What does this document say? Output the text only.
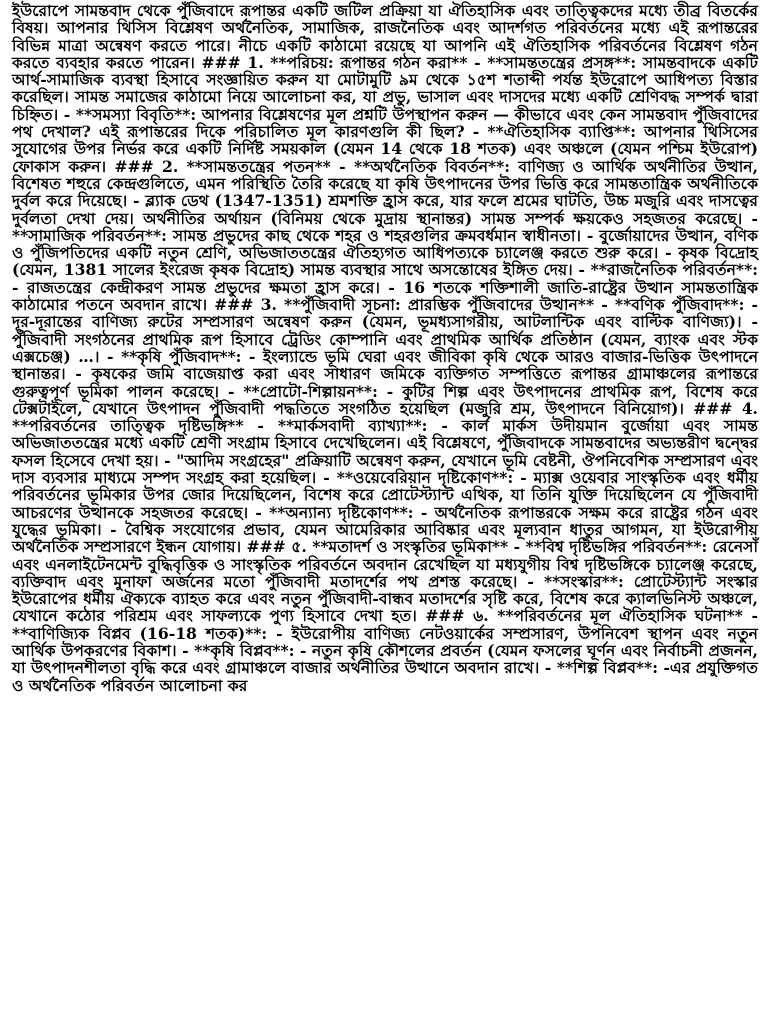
ইউরোপে সামন্তবাদ থেকে পুঁজিবাদে রূপান্তর একটি জটিল প্রক্রিয়া যা ঐতিহাসিক এবং তাত্ত্বিকদের মধ্যে তীব্র বিতর্কের বিষয়। আপনার থিসিস বিশ্লেষণ অর্থনৈতিক, সামাজিক, রাজনৈতিক এবং আদর্শগত পরিবর্তনের মধ্যে এই রূপান্তরের বিভিন্ন মাত্রা অন্বেষণ করতে পারে। নীচে একটি কাঠামো রয়েছে যা আপনি এই ঐতিহাসিক পরিবর্তনের বিশ্লেষণ গঠন করতে ব্যবহার করতে পারেন। ### 1. **পরিচয়: রূপান্তর গঠন করা** - **সামন্ততন্ত্রের প্রসঙ্গ**: সামন্তবাদকে একটি আর্থ-সামাজিক ব্যবস্থা হিসাবে সংজ্ঞায়িত করুন যা মোটামুটি ৯ম থেকে ১৫শ শতাব্দী পর্যন্ত ইউরোপে আধিপত্য বিস্তার করেছিল। সামন্ত সমাজের কাঠামো নিয়ে আলোচনা কর, যা প্রভু, ভাসাল এবং দাসদের মধ্যে একটি শ্রেণিবদ্ধ সম্পর্ক দ্বারা চিহ্নিত। - **সমস্যা বিবৃতি**: আপনার বিশ্লেষণের মূল প্রশ্নটি উপস্থাপন করুন — কীভাবে এবং কেন সামন্তবাদ পুঁজিবাদের পথ দেখাল? এই রূপান্তরের দিকে পরিচালিত মূল কারণগুলি কী ছিল? - **ঐতিহাসিক ব্যাপ্তি**: আপনার থিসিসের সুযোগের উপর নির্ভর করে একটি নির্দিষ্ট সময়কাল (যেমন 14 থেকে 18 শতক) এবং অঞ্চলে (যেমন পশ্চিম ইউরোপ) ফোকাস করুন। ### 2. **সামন্ততন্ত্রের পতন** - **অর্থনৈতিক বিবর্তন**: বাণিজ্য ও আর্থিক অর্থনীতির উত্থান, বিশেষত শহুরে কেন্দ্রগুলিতে, এমন পরিস্থিতি তৈরি করেছে যা কৃষি উৎপাদনের উপর ভিত্তি করে সামন্ততান্ত্রিক অর্থনীতিকে দুর্বল করে দিয়েছে। - ব্ল্যাক ডেথ (1347-1351) শ্রমশক্তি হ্রাস করে, যার ফলে শ্রমের ঘাটতি, উচ্চ মজুরি এবং দাসত্বের দুর্বলতা দেখা দেয়। অর্থনীতির অর্থায়ন (বিনিময় থেকে মুদ্রায় স্থানান্তর) সামন্ত সম্পর্ক ক্ষয়কেও সহজতর করেছে। - **সামাজিক পরিবর্তন**: সামন্ত প্রভুদের কাছ থেকে শহর ও শহরগুলির ক্রমবর্ধমান স্বাধীনতা। - বুর্জোয়াদের উত্থান, বণিক ও পুঁজিপতিদের একটি নতুন শ্রেণি, অভিজাততন্ত্রের ঐতিহ্যগত আধিপত্যকে চ্যালেঞ্জ করতে শুরু করে। - কৃষক বিদ্রোহ (যেমন, 1381 সালের ইংরেজ কৃষক বিদ্রোহ) সামন্ত ব্যবস্থার সাথে অসন্তোষের ইঙ্গিত দেয়। - **রাজনৈতিক পরিবর্তন**: - রাজতন্ত্রের কেন্দ্রীকরণ সামন্ত প্রভুদের ক্ষমতা হ্রাস করে। - 16 শতকে শক্তিশালী জাতি-রাষ্ট্রের উত্থান সামন্ততান্ত্রিক কাঠামোর পতনে অবদান রাখে। ### 3. **পুঁজিবাদী সূচনা: প্রারম্ভিক পুঁজিবাদের উত্থান** - **বণিক পুঁজিবাদ**: - দূর-দূরান্তের বাণিজ্য রুটের সম্প্রসারণ অন্বেষণ করুন (যেমন, ভূমধ্যসাগরীয়, আটলান্টিক এবং বাল্টিক বাণিজ্য)। - পুঁজিবাদী সংগঠনের প্রাথমিক রূপ হিসাবে ট্রেডিং কোম্পানি এবং প্রাথমিক আর্থিক প্রতিষ্ঠান (যেমন, ব্যাংক এবং স্টক এক্সচেঞ্জ) …। - **কৃষি পুঁজিবাদ**: - ইংল্যান্ডে ভূমি ঘেরা এবং জীবিকা কৃষি থেকে আরও বাজার-ভিত্তিক উৎপাদনে স্থানান্তর। - কৃষকের জমি বাজেয়াপ্ত করা এবং সাধারণ জমিকে ব্যক্তিগত সম্পত্তিতে রূপান্তর গ্রামাঞ্চলের রূপান্তরে গুরুত্বপূর্ণ ভূমিকা পালন করেছে। - **প্রোটো-শিল্পায়ন**: - কুটির শিল্প এবং উৎপাদনের প্রাথমিক রূপ, বিশেষ করে টেক্সটাইলে, যেখানে উৎপাদন পুঁজিবাদী পদ্ধতিতে সংগঠিত হয়েছিল (মজুরি শ্রম, উৎপাদনে বিনিয়োগ)। ### 4. **পরিবর্তনের তাত্ত্বিক দৃষ্টিভঙ্গি** - **মার্কসবাদী ব্যাখ্যা**: - কার্ল মার্কস উদীয়মান বুর্জোয়া এবং সামন্ত অভিজাততন্ত্রের মধ্যে একটি শ্রেণী সংগ্রাম হিসাবে দেখেছিলেন। এই বিশ্লেষণে, পুঁজিবাদকে সামন্তবাদের অভ্যন্তরীণ দ্বন্দ্বের ফসল হিসেবে দেখা হয়। - "আদিম সংগ্রহের" প্রক্রিয়াটি অন্বেষণ করুন, যেখানে ভূমি বেষ্টনী, ঔপনিবেশিক সম্প্রসারণ এবং দাস ব্যবসার মাধ্যমে সম্পদ সংগ্রহ করা হয়েছিল। - **ওয়েবেরিয়ান দৃষ্টিকোণ**: - ম্যাক্স ওয়েবার সাংস্কৃতিক এবং ধর্মীয় পরিবর্তনের ভূমিকার উপর জোর দিয়েছিলেন, বিশেষ করে প্রোটেস্ট্যান্ট এথিক, যা তিনি যুক্তি দিয়েছিলেন যে পুঁজিবাদী আচরণের উত্থানকে সহজতর করেছে। - **অন্যান্য দৃষ্টিকোণ**: - অর্থনৈতিক রূপান্তরকে সক্ষম করে রাষ্ট্রের গঠন এবং যুদ্ধের ভূমিকা। - বৈশ্বিক সংযোগের প্রভাব, যেমন আমেরিকার আবিষ্কার এবং মূল্যবান ধাতুর আগমন, যা ইউরোপীয় অর্থনৈতিক সম্প্রসারণে ইন্ধন যোগায়। ### ৫. **মতাদর্শ ও সংস্কৃতির ভূমিকা** - **বিশ্ব দৃষ্টিভঙ্গির পরিবর্তন**: রেনেসাঁ এবং এনলাইটেনমেন্ট বুদ্ধিবৃত্তিক ও সাংস্কৃতিক পরিবর্তনে অবদান রেখেছিল যা মধ্যযুগীয় বিশ্ব দৃষ্টিভঙ্গিকে চ্যালেঞ্জ করেছে, ব্যক্তিবাদ এবং মুনাফা অর্জনের মতো পুঁজিবাদী মতাদর্শের পথ প্রশস্ত করেছে। - **সংস্কার**: প্রোটেস্ট্যান্ট সংস্কার ইউরোপের ধর্মীয় ঐক্যকে ব্যাহত করে এবং নতুন পুঁজিবাদী-বান্ধব মতাদর্শের সৃষ্টি করে, বিশেষ করে ক্যালভিনিস্ট অঞ্চলে, যেখানে কঠোর পরিশ্রম এবং সাফল্যকে পুণ্য হিসাবে দেখা হত। ### ৬. **পরিবর্তনের মূল ঐতিহাসিক ঘটনা** - **বাণিজ্যিক বিপ্লব (16-18 শতক)**: - ইউরোপীয় বাণিজ্য নেটওয়ার্কের সম্প্রসারণ, উপনিবেশ স্থাপন এবং নতুন আর্থিক উপকরণের বিকাশ। - **কৃষি বিপ্লব**: - নতুন কৃষি কৌশলের প্রবর্তন (যেমন ফসলের ঘূর্ণন এবং নির্বাচনী প্রজনন, যা উৎপাদনশীলতা বৃদ্ধি করে এবং গ্রামাঞ্চলে বাজার অর্থনীতির উত্থানে অবদান রাখে। - **শিল্প বিপ্লব**: -এর প্রযুক্তিগত ও অর্থনৈতিক পরিবর্তন আলোচনা কর
